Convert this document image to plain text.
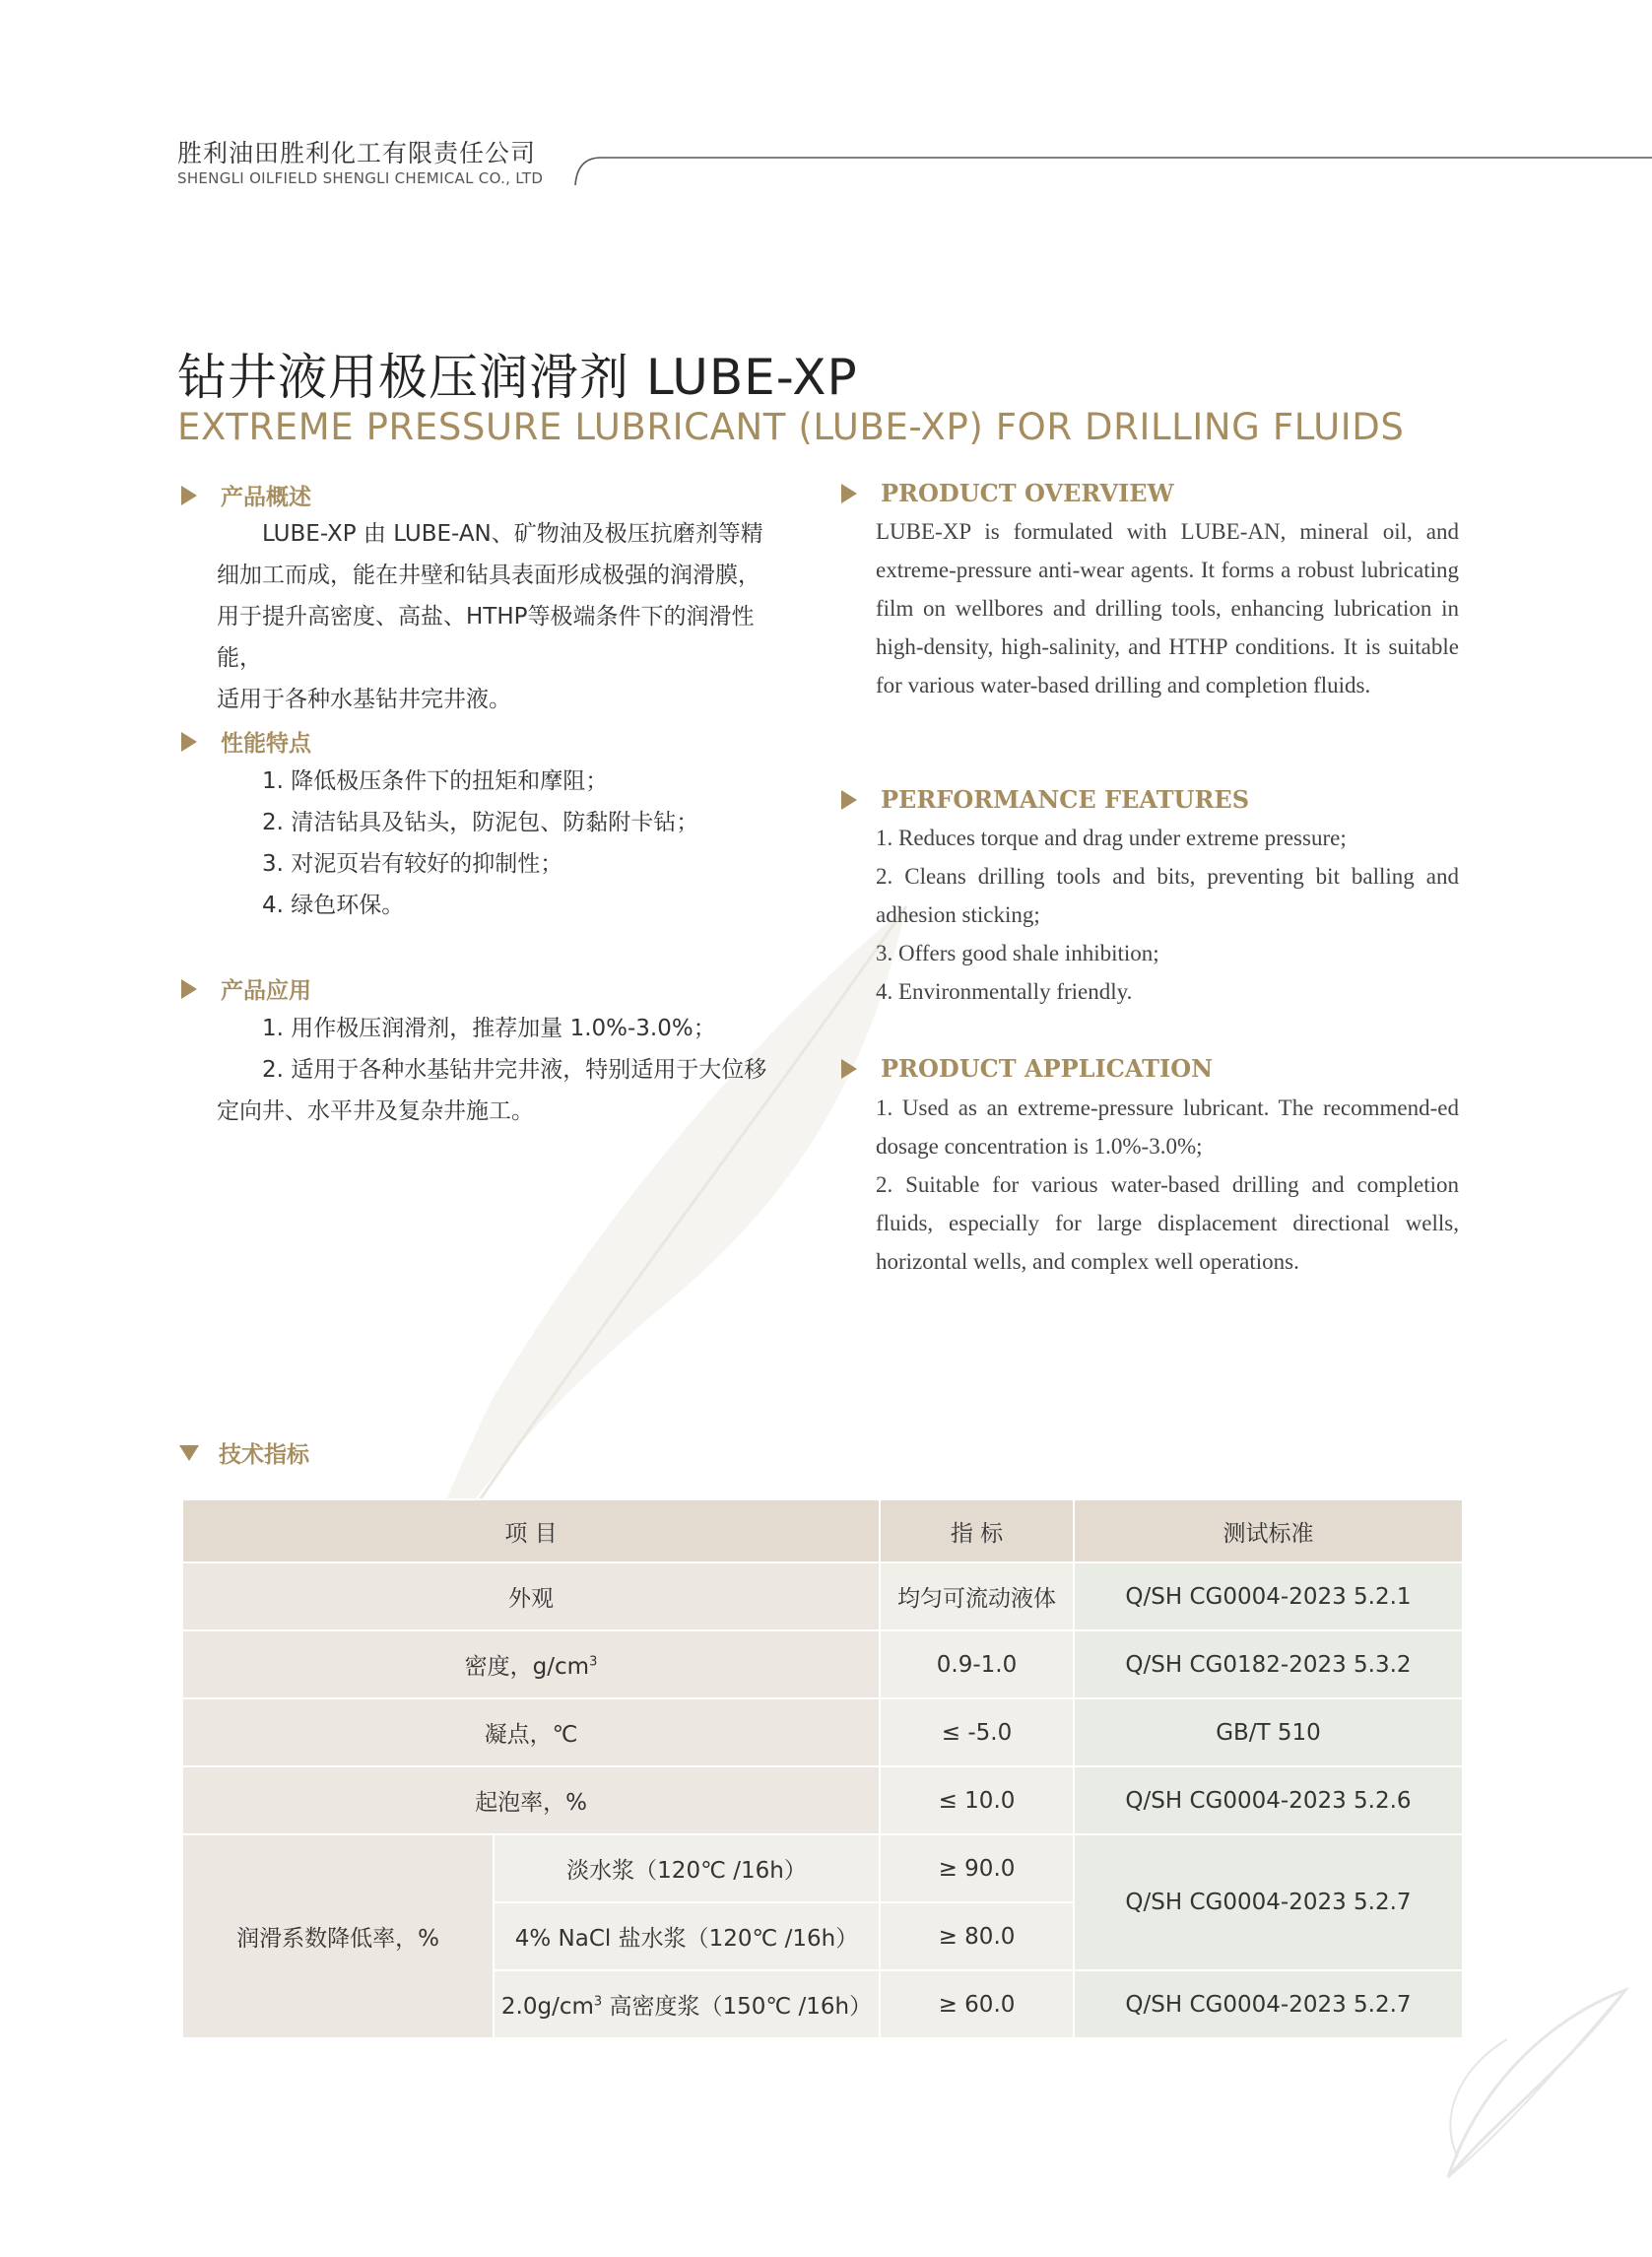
胜利油田胜利化工有限责任公司
SHENGLI OILFIELD SHENGLI CHEMICAL CO., LTD
钻井液用极压润滑剂 LUBE-XP
EXTREME PRESSURE LUBRICANT (LUBE-XP) FOR DRILLING FLUIDS
产品概述
LUBE-XP 由 LUBE-AN、矿物油及极压抗磨剂等精
细加工而成，能在井壁和钻具表面形成极强的润滑膜，
用于提升高密度、高盐、HTHP等极端条件下的润滑性能，
适用于各种水基钻井完井液。
性能特点
1. 降低极压条件下的扭矩和摩阻；
2. 清洁钻具及钻头，防泥包、防黏附卡钻；
3. 对泥页岩有较好的抑制性；
4. 绿色环保。
产品应用
1. 用作极压润滑剂，推荐加量 1.0%-3.0%；
2. 适用于各种水基钻井完井液，特别适用于大位移
定向井、水平井及复杂井施工。
PRODUCT OVERVIEW

LUBE-XP is formulated with LUBE-AN, mineral oil, and extreme-pressure anti-wear agents. It forms a robust lubricating film on wellbores and drilling tools, enhancing lubrication in high-density, high-salinity, and HTHP conditions. It is suitable for various water-based drilling and completion fluids.

PERFORMANCE FEATURES

1. Reduces torque and drag under extreme pressure;

2. Cleans drilling tools and bits, preventing bit balling and adhesion sticking;

3. Offers good shale inhibition;

4. Environmentally friendly.

PRODUCT APPLICATION

1. Used as an extreme-pressure lubricant. The recommend-ed dosage concentration is 1.0%-3.0%;

2. Suitable for various water-based drilling and completion fluids, especially for large displacement directional wells, horizontal wells, and complex well operations.

技术指标
项 目		指 标	测试标准
外观		均匀可流动液体	Q/SH CG0004-2023 5.2.1
密度，$g/cm^3$		0.9-1.0	Q/SH CG0182-2023 5.3.2
凝点，℃		≤ -5.0	GB/T 510
起泡率，%		≤ 10.0	Q/SH CG0004-2023 5.2.6
润滑系数降低率，%	淡水浆（120℃ /16h）	≥ 90.0	Q/SH CG0004-2023 5.2.7
	4% NaCl 盐水浆（120℃ /16h）	≥ 80.0	
	$2.0g/cm^3$ 高密度浆（150℃ /16h）	≥ 60.0	Q/SH CG0004-2023 5.2.7
